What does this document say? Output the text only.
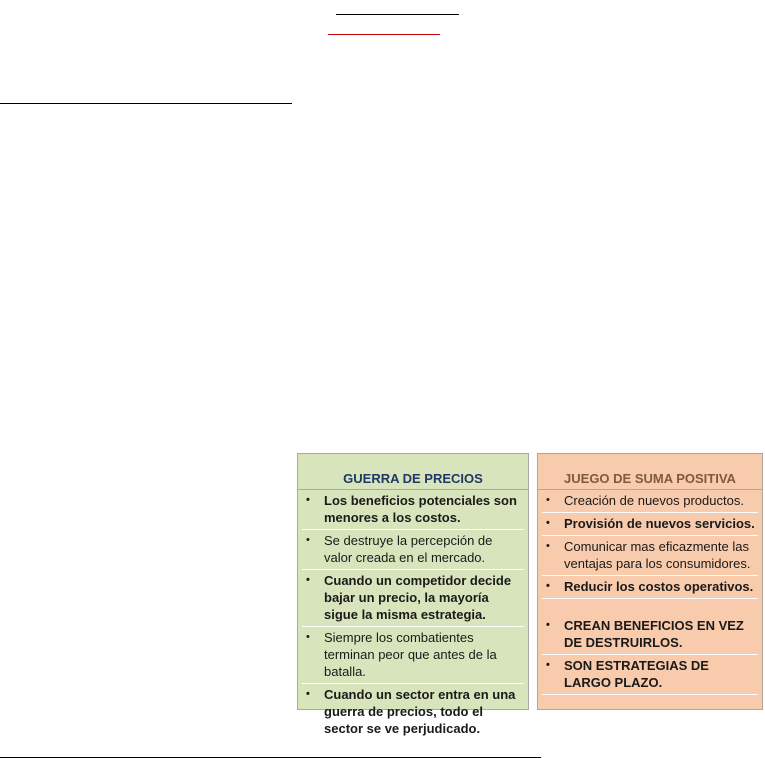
GUERRA DE PRECIOS
• Los beneficios potenciales son menores a los costos.
• Se destruye la percepción de valor creada en el mercado.
• Cuando un competidor decide bajar un precio, la mayoría sigue la misma estrategia.
• Siempre los combatientes terminan peor que antes de la batalla.
• Cuando un sector entra en una guerra de precios, todo el sector se ve perjudicado.
JUEGO DE SUMA POSITIVA
• Creación de nuevos productos.
• Provisión de nuevos servicios.
• Comunicar mas eficazmente las ventajas para los consumidores.
• Reducir los costos operativos.
• CREAN BENEFICIOS EN VEZ DE DESTRUIRLOS.
• SON ESTRATEGIAS DE LARGO PLAZO.
